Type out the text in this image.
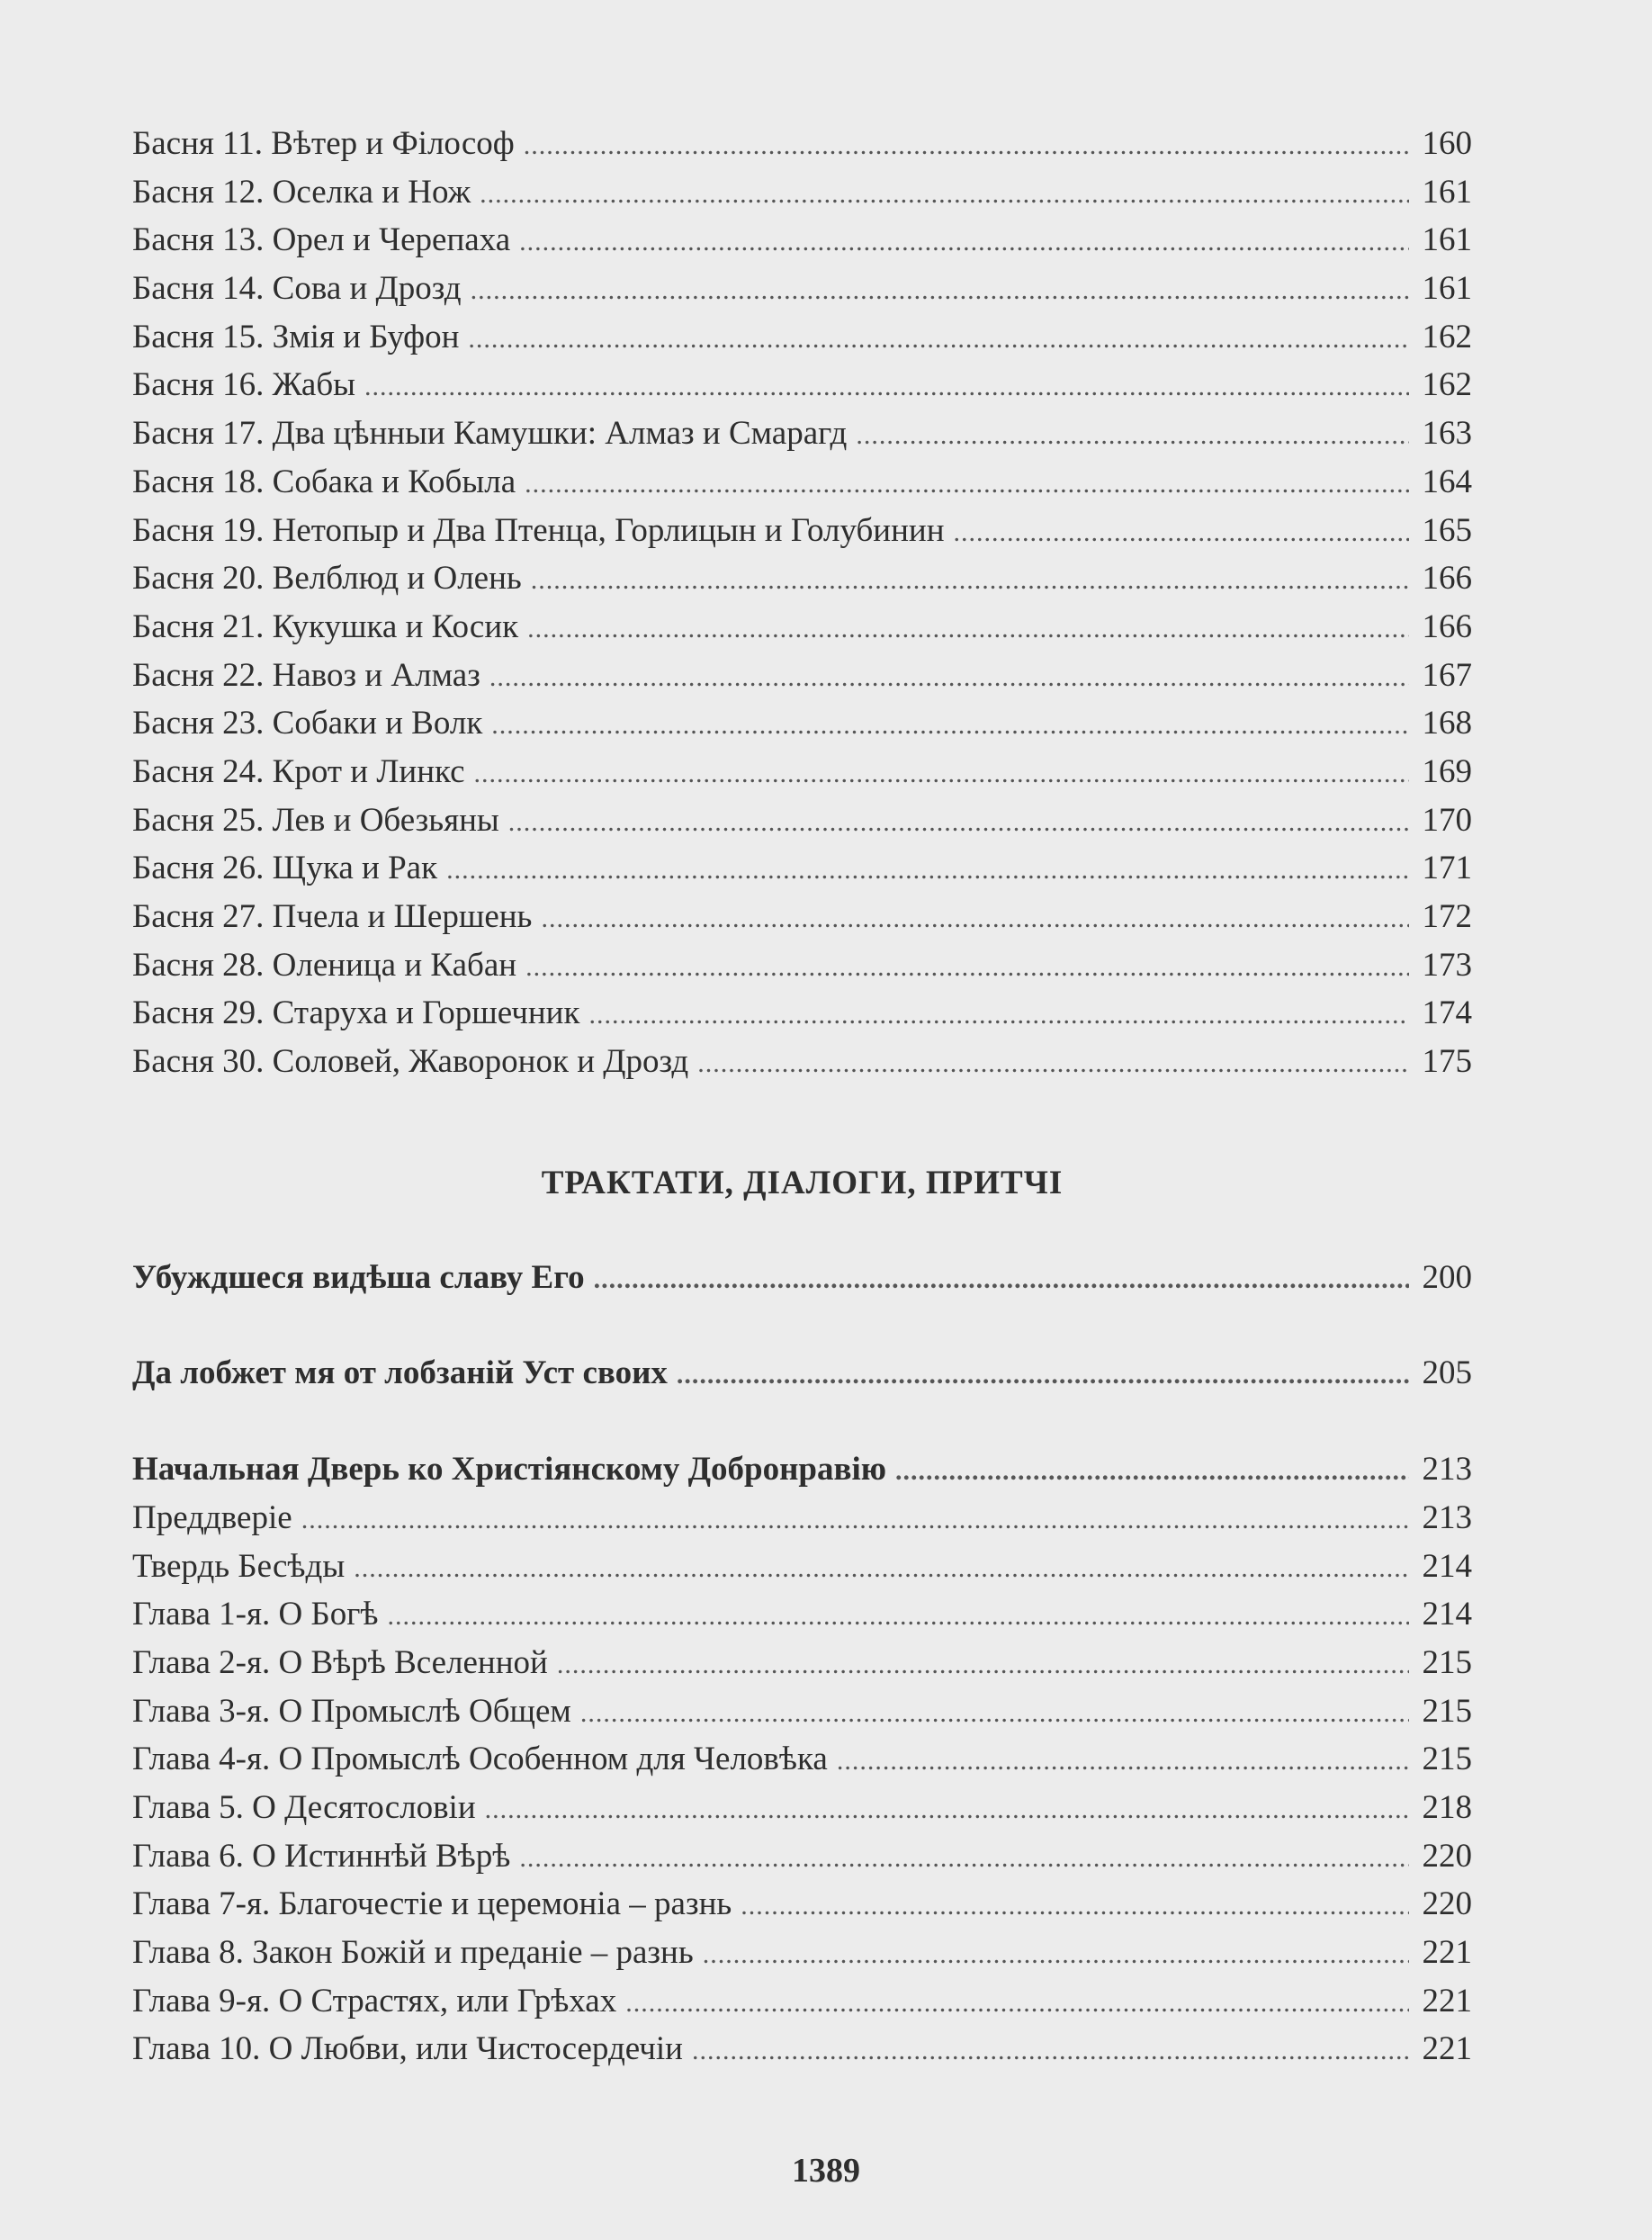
Басня 11. Вѣтер и Філософ .....	160
Басня 12. Оселка и Нож .....	161
Басня 13. Орел и Черепаха .....	161
Басня 14. Сова и Дрозд .....	161
Басня 15. Змія и Буфон .....	162
Басня 16. Жабы .....	162
Басня 17. Два цѣнныи Камушки: Алмаз и Смарагд .....	163
Басня 18. Собака и Кобыла .....	164
Басня 19. Нетопыр и Два Птенца, Горлицын и Голубинин .....	165
Басня 20. Велблюд и Олень .....	166
Басня 21. Кукушка и Косик .....	166
Басня 22. Навоз и Алмаз .....	167
Басня 23. Собаки и Волк .....	168
Басня 24. Крот и Линкс .....	169
Басня 25. Лев и Обезьяны .....	170
Басня 26. Щука и Рак .....	171
Басня 27. Пчела и Шершень .....	172
Басня 28. Оленица и Кабан .....	173
Басня 29. Старуха и Горшечник .....	174
Басня 30. Соловей, Жаворонок и Дрозд .....	175
ТРАКТАТИ, ДІАЛОГИ, ПРИТЧІ
Убуждшеся видѣша славу Его .....	200
Да лобжет мя от лобзаній Уст своих .....	205
Начальная Дверь ко Христіянскому Добронравію .....	213
Преддверіе .....	213
Твердь Бесѣды .....	214
Глава 1-я. О Богѣ .....	214
Глава 2-я. О Вѣрѣ Вселенной .....	215
Глава 3-я. О Промыслѣ Общем .....	215
Глава 4-я. О Промыслѣ Особенном для Человѣка .....	215
Глава 5. О Десятословіи .....	218
Глава 6. О Истиннѣй Вѣрѣ .....	220
Глава 7-я. Благочестіе и церемоніа – разнь .....	220
Глава 8. Закон Божій и преданіе – разнь .....	221
Глава 9-я. О Страстях, или Грѣхах .....	221
Глава 10. О Любви, или Чистосердечіи .....	221
1389
